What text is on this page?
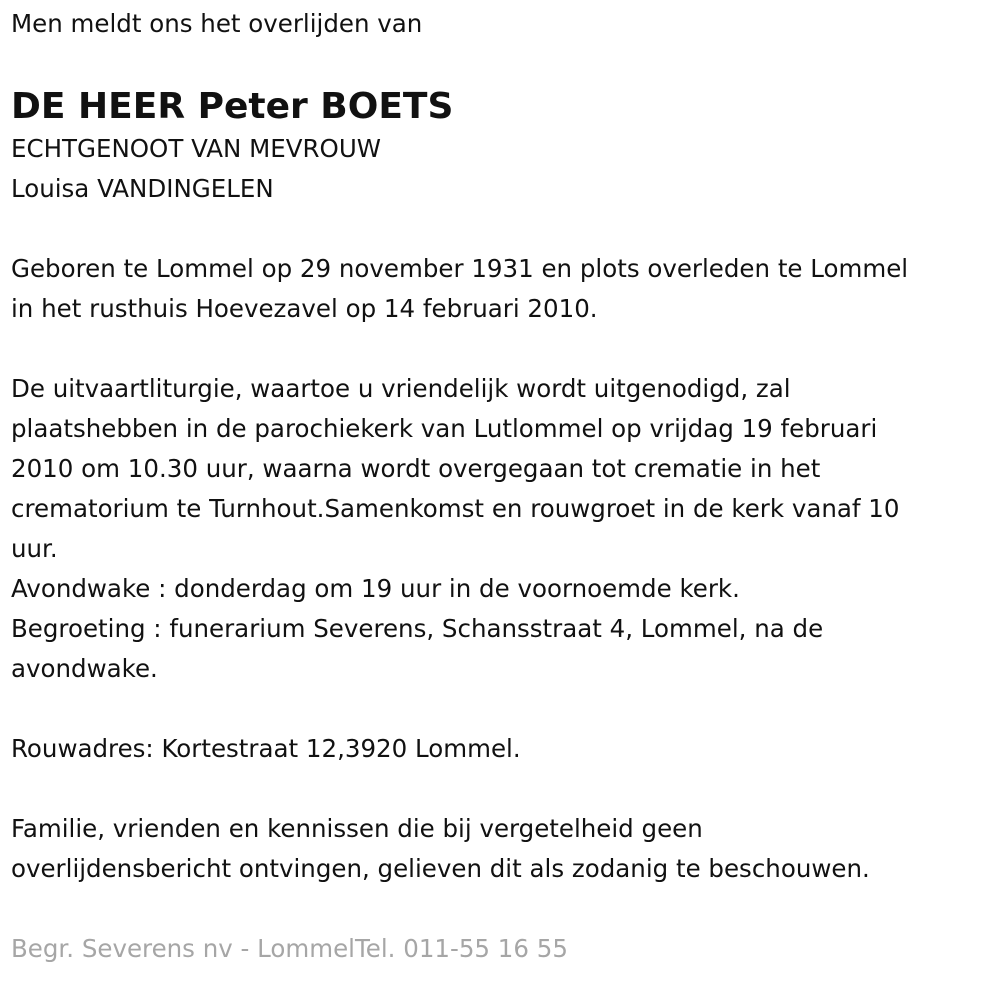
Men meldt ons het overlijden van
DE HEER Peter BOETS
ECHTGENOOT VAN MEVROUW
Louisa VANDINGELEN
Geboren te Lommel op 29 november 1931 en plots overleden te Lommel
in het rusthuis Hoevezavel op 14 februari 2010.
De uitvaartliturgie, waartoe u vriendelijk wordt uitgenodigd, zal
plaatshebben in de parochiekerk van Lutlommel op vrijdag 19 februari
2010 om 10.30 uur, waarna wordt overgegaan tot crematie in het
crematorium te Turnhout.Samenkomst en rouwgroet in de kerk vanaf 10
uur.
Avondwake : donderdag om 19 uur in de voornoemde kerk.
Begroeting : funerarium Severens, Schansstraat 4, Lommel, na de
avondwake.
Rouwadres: Kortestraat 12,3920 Lommel.
Familie, vrienden en kennissen die bij vergetelheid geen
overlijdensbericht ontvingen, gelieven dit als zodanig te beschouwen.
Begr. Severens nv - LommelTel. 011-55 16 55
